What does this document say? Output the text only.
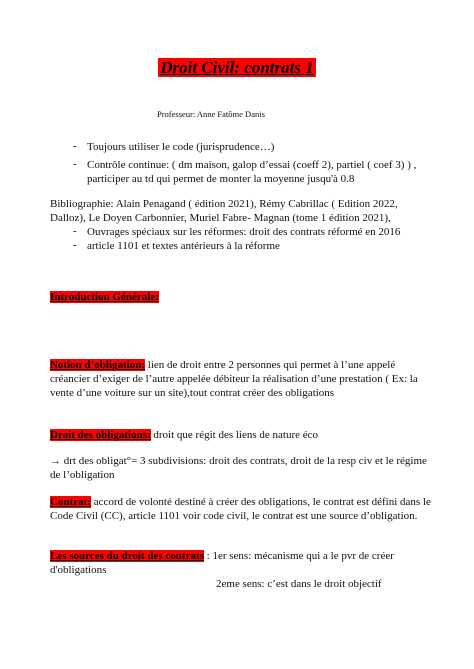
Droit Civil: contrats 1
Professeur: Anne Fatôme Danis
- Toujours utiliser le code (jurisprudence…)
- Contrôle continue: ( dm maison, galop d’essai (coeff 2), partiel ( coef 3) ) ,
participer au td qui permet de monter la moyenne jusqu'à 0.8
Bibliographie: Alain Penagand ( édition 2021), Rémy Cabrillac ( Edition 2022,
Dalloz), Le Doyen Carbonnier, Muriel Fabre- Magnan (tome 1 édition 2021),
- Ouvrages spéciaux sur les réformes: droit des contrats réformé en 2016
- article 1101 et textes antérieurs à la réforme
Introduction Générale:
Notion d’obligation: lien de droit entre 2 personnes qui permet à l’une appelé
créancier d’exiger de l’autre appelée débiteur la réalisation d’une prestation ( Ex: la
vente d’une voiture sur un site),tout contrat créer des obligations
Droit des obligations: droit que régit des liens de nature éco
→ drt des obligat°= 3 subdivisions: droit des contrats, droit de la resp civ et le régime
de l’obligation
Contrat: accord de volonté destiné à créer des obligations, le contrat est défini dans le
Code Civil (CC), article 1101 voir code civil, le contrat est une source d’obligation.
Les sources du droit des contrats : 1er sens: mécanisme qui a le pvr de créer
d'obligations
2eme sens: c’est dans le droit objectif
